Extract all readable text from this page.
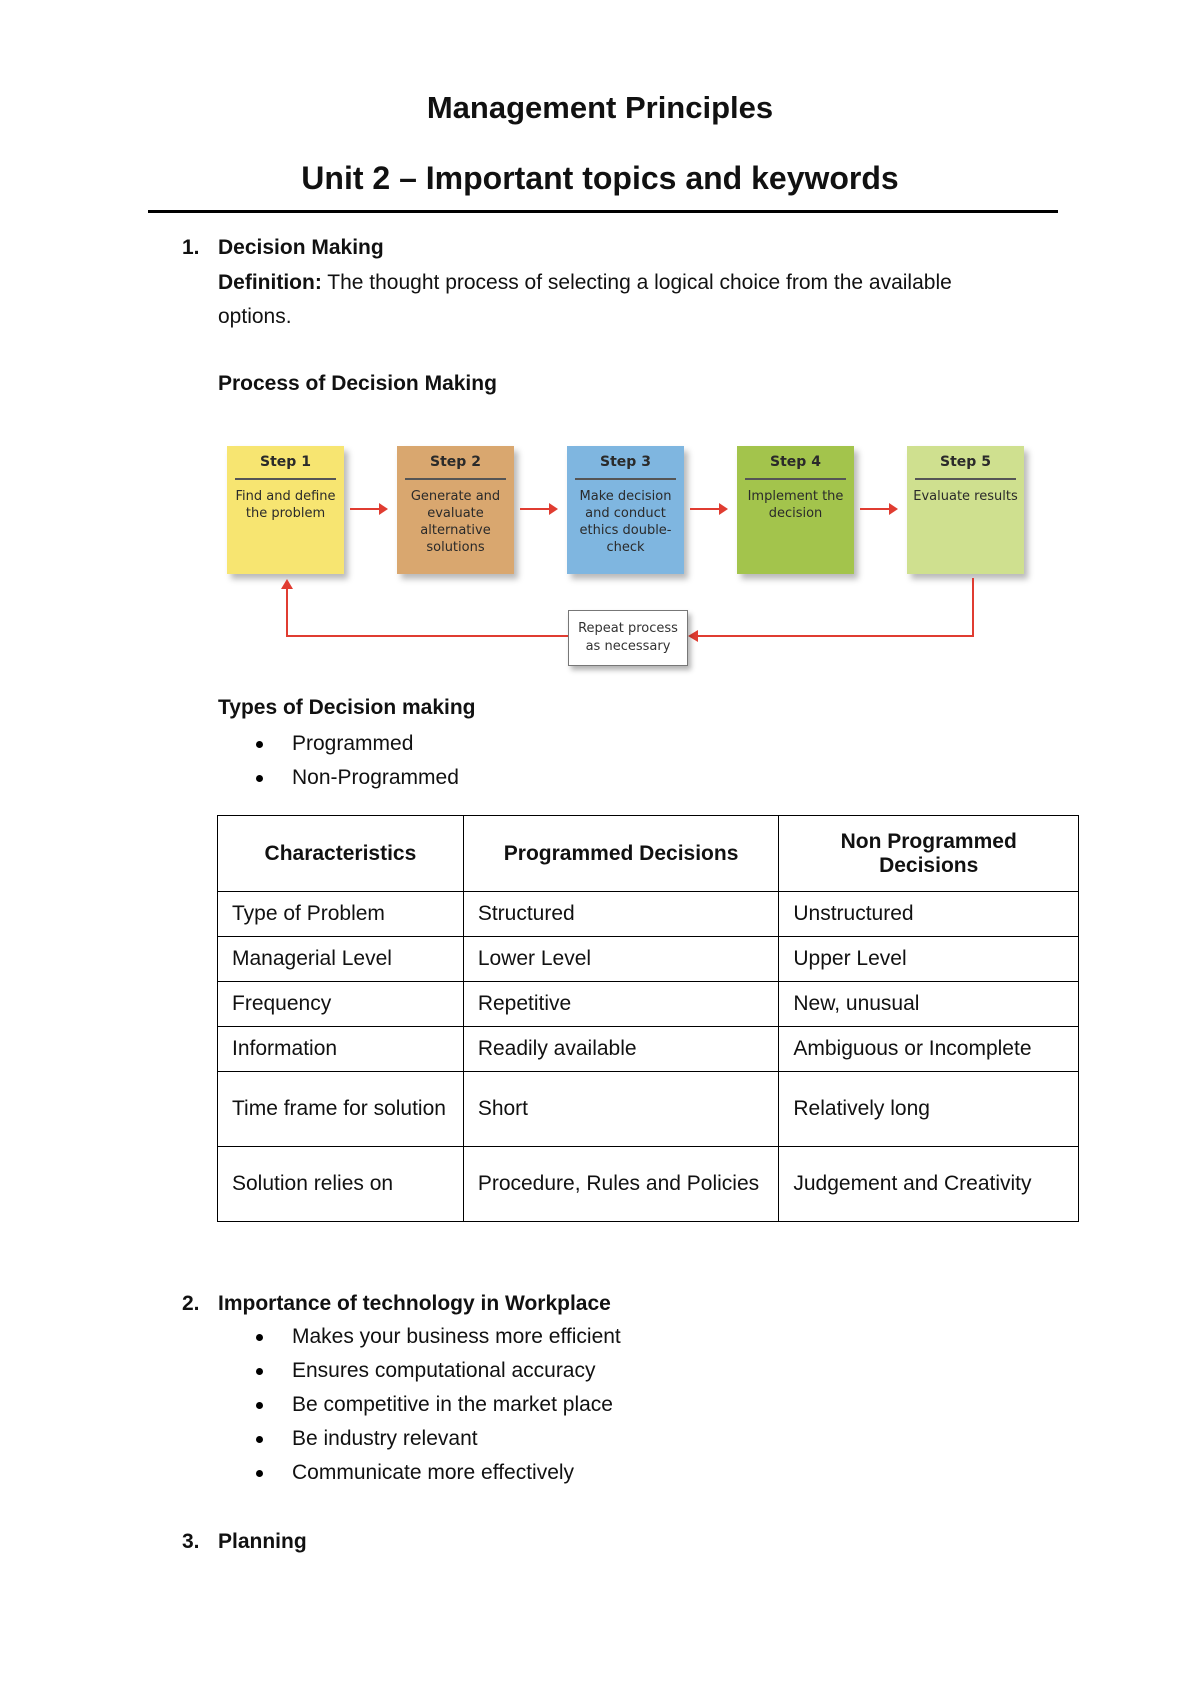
Management Principles
Unit 2 – Important topics and keywords
1. Decision Making
Definition: The thought process of selecting a logical choice from the available options.
Process of Decision Making
Step 1
Find and define the problem
Step 2
Generate and evaluate alternative solutions
Step 3
Make decision and conduct ethics double-check
Step 4
Implement the decision
Step 5
Evaluate results
Repeat process as necessary
Types of Decision making
Programmed
Non-Programmed
Characteristics	Programmed Decisions	Non Programmed Decisions
Type of Problem	Structured	Unstructured
Managerial Level	Lower Level	Upper Level
Frequency	Repetitive	New, unusual
Information	Readily available	Ambiguous or Incomplete
Time frame for solution	Short	Relatively long
Solution relies on	Procedure, Rules and Policies	Judgement and Creativity
2. Importance of technology in Workplace
Makes your business more efficient
Ensures computational accuracy
Be competitive in the market place
Be industry relevant
Communicate more effectively
3. Planning
